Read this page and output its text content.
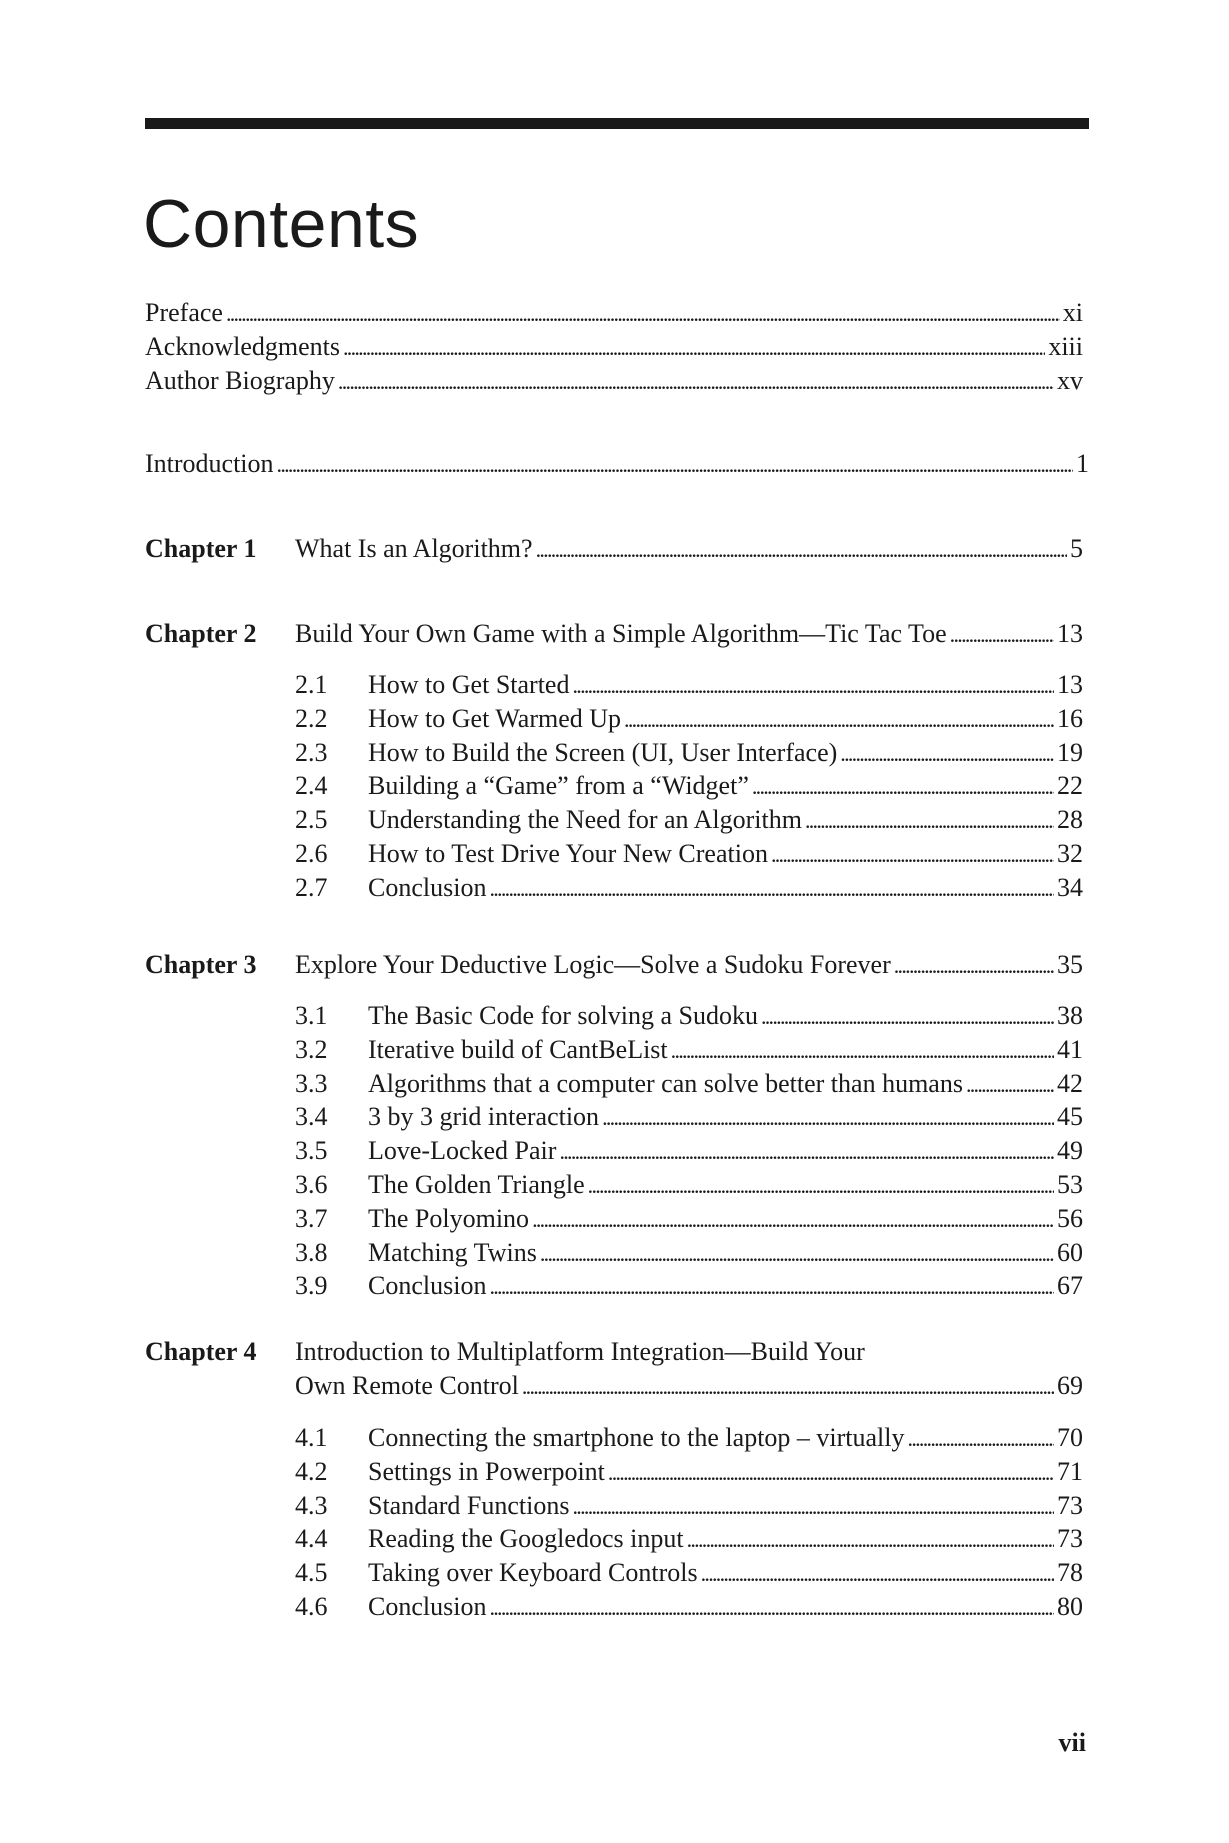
Contents
Preface . . .	xi
Acknowledgments . . .	xiii
Author Biography . . .	xv
Introduction . . .	1
Chapter 1 What Is an Algorithm? . . .	5
Chapter 2 Build Your Own Game with a Simple Algorithm—Tic Tac Toe . . .	13
2.1 How to Get Started . . .	13
2.2 How to Get Warmed Up . . .	16
2.3 How to Build the Screen (UI, User Interface) . . .	19
2.4 Building a “Game” from a “Widget” . . .	22
2.5 Understanding the Need for an Algorithm . . .	28
2.6 How to Test Drive Your New Creation . . .	32
2.7 Conclusion . . .	34
Chapter 3 Explore Your Deductive Logic—Solve a Sudoku Forever . . .	35
3.1 The Basic Code for solving a Sudoku . . .	38
3.2 Iterative build of CantBeList . . .	41
3.3 Algorithms that a computer can solve better than humans . . .	42
3.4 3 by 3 grid interaction . . .	45
3.5 Love-Locked Pair . . .	49
3.6 The Golden Triangle . . .	53
3.7 The Polyomino . . .	56
3.8 Matching Twins . . .	60
3.9 Conclusion . . .	67
Chapter 4 Introduction to Multiplatform Integration—Build Your
Own Remote Control . . .	69
4.1 Connecting the smartphone to the laptop – virtually . . .	70
4.2 Settings in Powerpoint . . .	71
4.3 Standard Functions . . .	73
4.4 Reading the Googledocs input . . .	73
4.5 Taking over Keyboard Controls . . .	78
4.6 Conclusion . . .	80
vii
